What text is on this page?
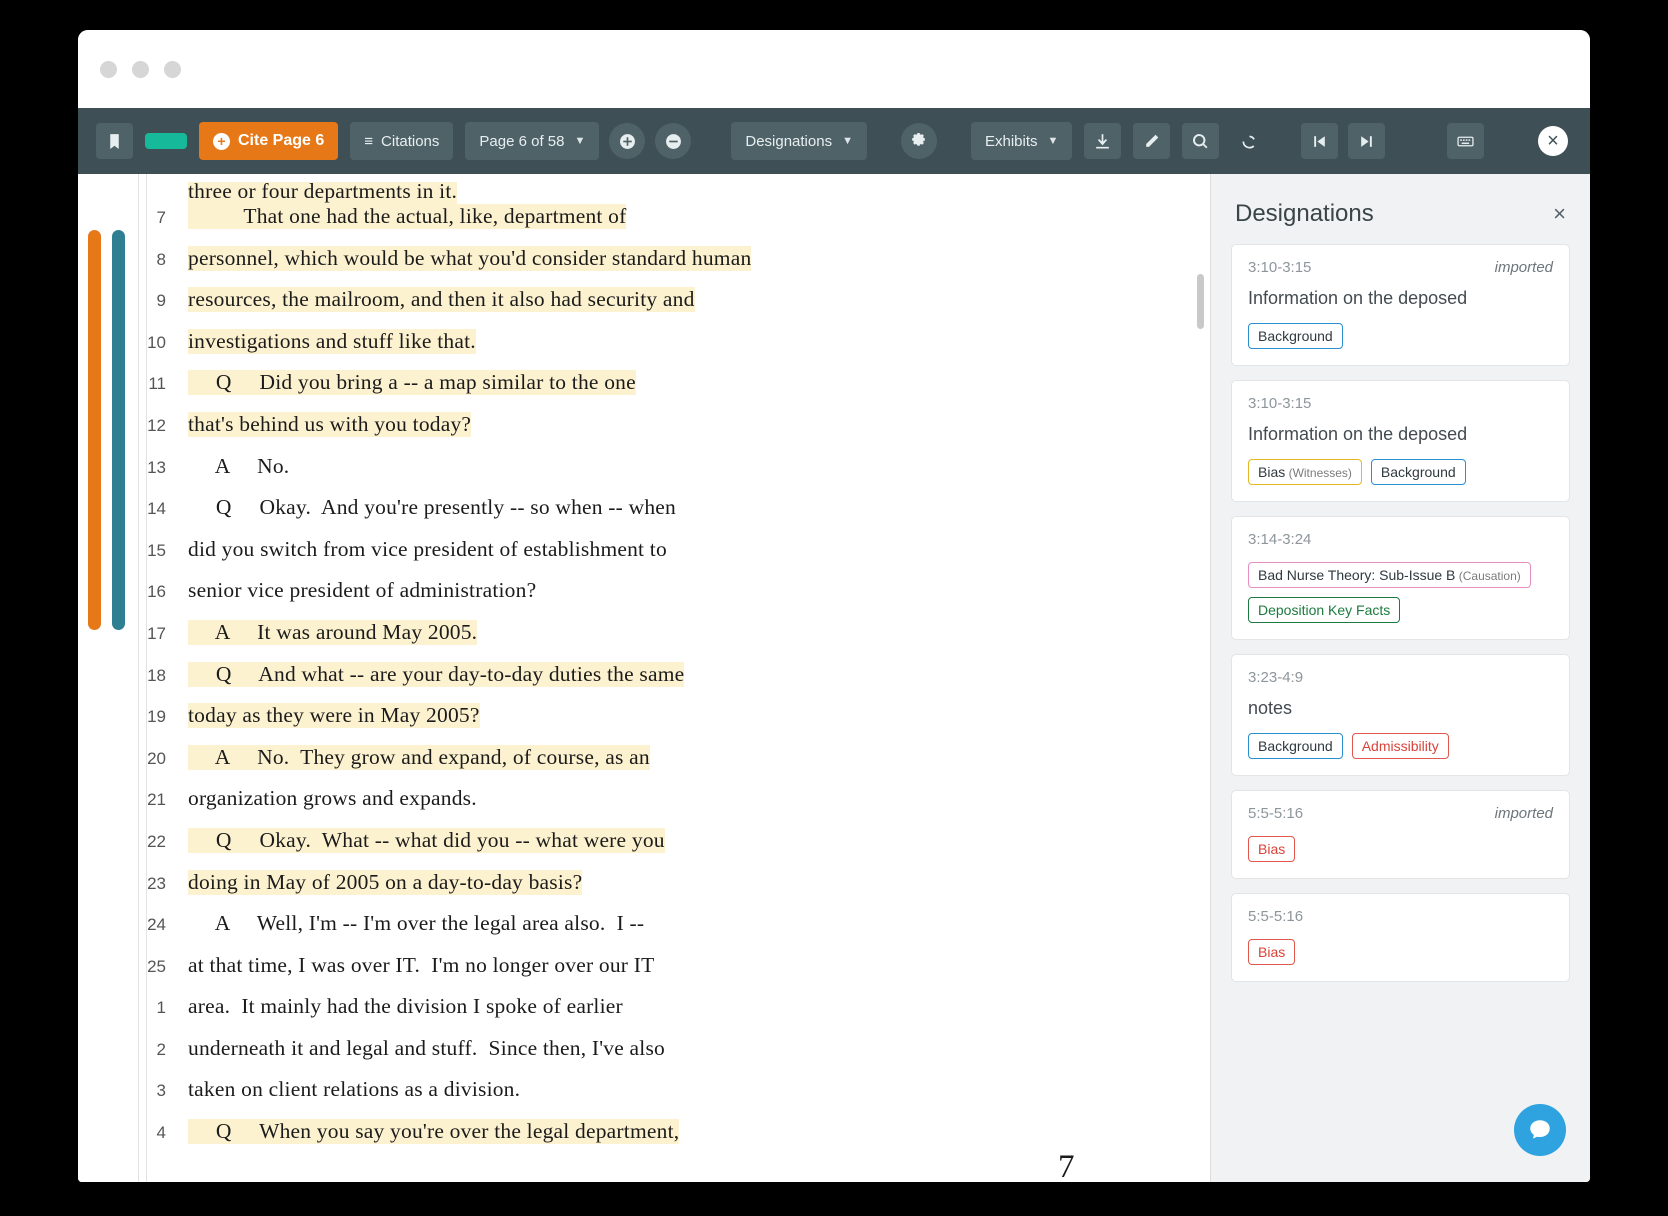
+ Cite Page 6	≡ Citations	Page 6 of 58 ▼	Designations ▼	Exhibits ▼	×
three or four departments in it.
7	That one had the actual, like, department of
8	personnel, which would be what you'd consider standard human
9	resources, the mailroom, and then it also had security and
10	investigations and stuff like that.
11	Q     Did you bring a -- a map similar to the one
12	that's behind us with you today?
13	A     No.
14	Q     Okay.  And you're presently -- so when -- when
15	did you switch from vice president of establishment to
16	senior vice president of administration?
17	A     It was around May 2005.
18	Q     And what -- are your day-to-day duties the same
19	today as they were in May 2005?
20	A     No.  They grow and expand, of course, as an
21	organization grows and expands.
22	Q     Okay.  What -- what did you -- what were you
23	doing in May of 2005 on a day-to-day basis?
24	A     Well, I'm -- I'm over the legal area also.  I --
25	at that time, I was over IT.  I'm no longer over our IT
1	area.  It mainly had the division I spoke of earlier
2	underneath it and legal and stuff.  Since then, I've also
3	taken on client relations as a division.
4	Q     When you say you're over the legal department,
7
Designations	×
3:10-3:15	imported
Information on the deposed
Background
3:10-3:15
Information on the deposed
Bias (Witnesses)	Background
3:14-3:24
Bad Nurse Theory: Sub-Issue B (Causation)
Deposition Key Facts
3:23-4:9
notes
Background	Admissibility
5:5-5:16	imported
Bias
5:5-5:16
Bias
